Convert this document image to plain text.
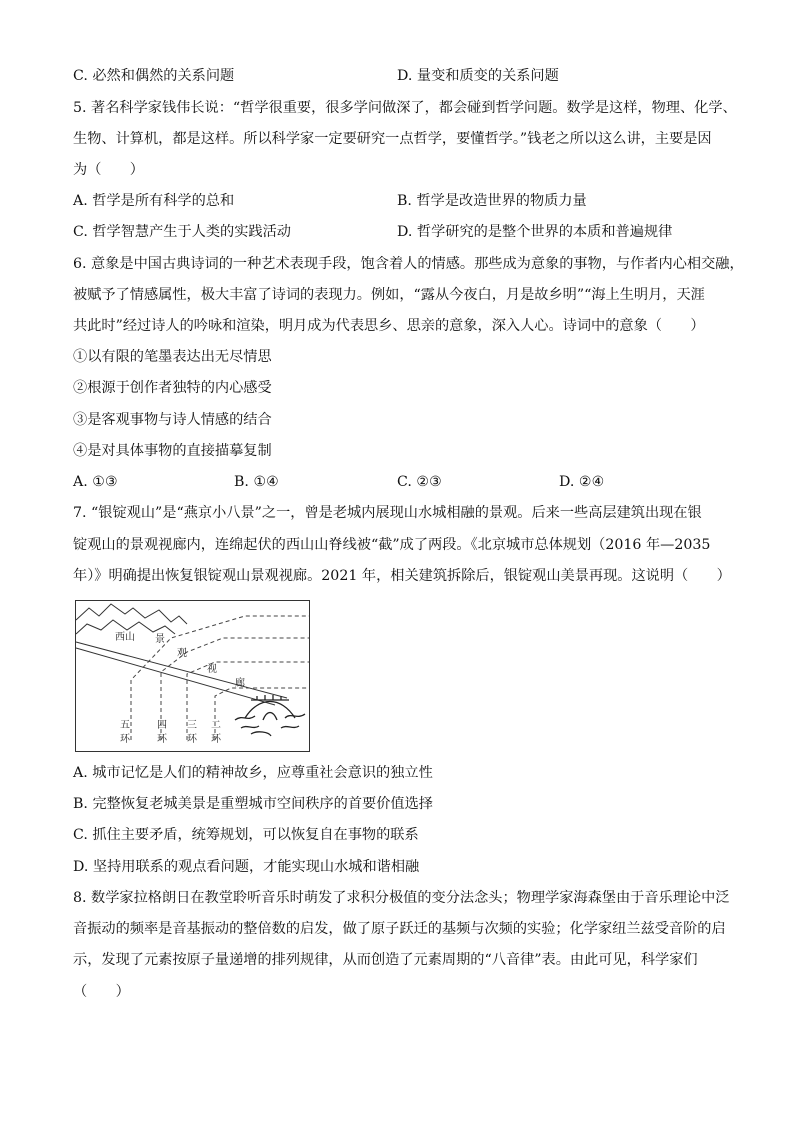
C. 必然和偶然的关系问题	D. 量变和质变的关系问题
5. 著名科学家钱伟长说：“哲学很重要，很多学问做深了，都会碰到哲学问题。数学是这样，物理、化学、
生物、计算机，都是这样。所以科学家一定要研究一点哲学，要懂哲学。”钱老之所以这么讲，主要是因
为（　　）
A. 哲学是所有科学的总和	B. 哲学是改造世界的物质力量
C. 哲学智慧产生于人类的实践活动	D. 哲学研究的是整个世界的本质和普遍规律
6. 意象是中国古典诗词的一种艺术表现手段，饱含着人的情感。那些成为意象的事物，与作者内心相交融，
被赋予了情感属性，极大丰富了诗词的表现力。例如，“露从今夜白，月是故乡明”“海上生明月，天涯
共此时”经过诗人的吟咏和渲染，明月成为代表思乡、思亲的意象，深入人心。诗词中的意象（　　）
①以有限的笔墨表达出无尽情思
②根源于创作者独特的内心感受
③是客观事物与诗人情感的结合
④是对具体事物的直接描摹复制
A. ①③	B. ①④	C. ②③	D. ②④
7. “银锭观山”是“燕京小八景”之一，曾是老城内展现山水城相融的景观。后来一些高层建筑出现在银
锭观山的景观视廊内，连绵起伏的西山山脊线被“截”成了两段。《北京城市总体规划（2016 年—2035
年）》明确提出恢复银锭观山景观视廊。2021 年，相关建筑拆除后，银锭观山美景再现。这说明（　　）
西山 景
观
视
廊
五
环
四
环
三
环
二
环
A. 城市记忆是人们的精神故乡，应尊重社会意识的独立性
B. 完整恢复老城美景是重塑城市空间秩序的首要价值选择
C. 抓住主要矛盾，统筹规划，可以恢复自在事物的联系
D. 坚持用联系的观点看问题，才能实现山水城和谐相融
8. 数学家拉格朗日在教堂聆听音乐时萌发了求积分极值的变分法念头；物理学家海森堡由于音乐理论中泛
音振动的频率是音基振动的整倍数的启发，做了原子跃迁的基频与次频的实验；化学家纽兰兹受音阶的启
示，发现了元素按原子量递增的排列规律，从而创造了元素周期的“八音律”表。由此可见，科学家们
（　　）
